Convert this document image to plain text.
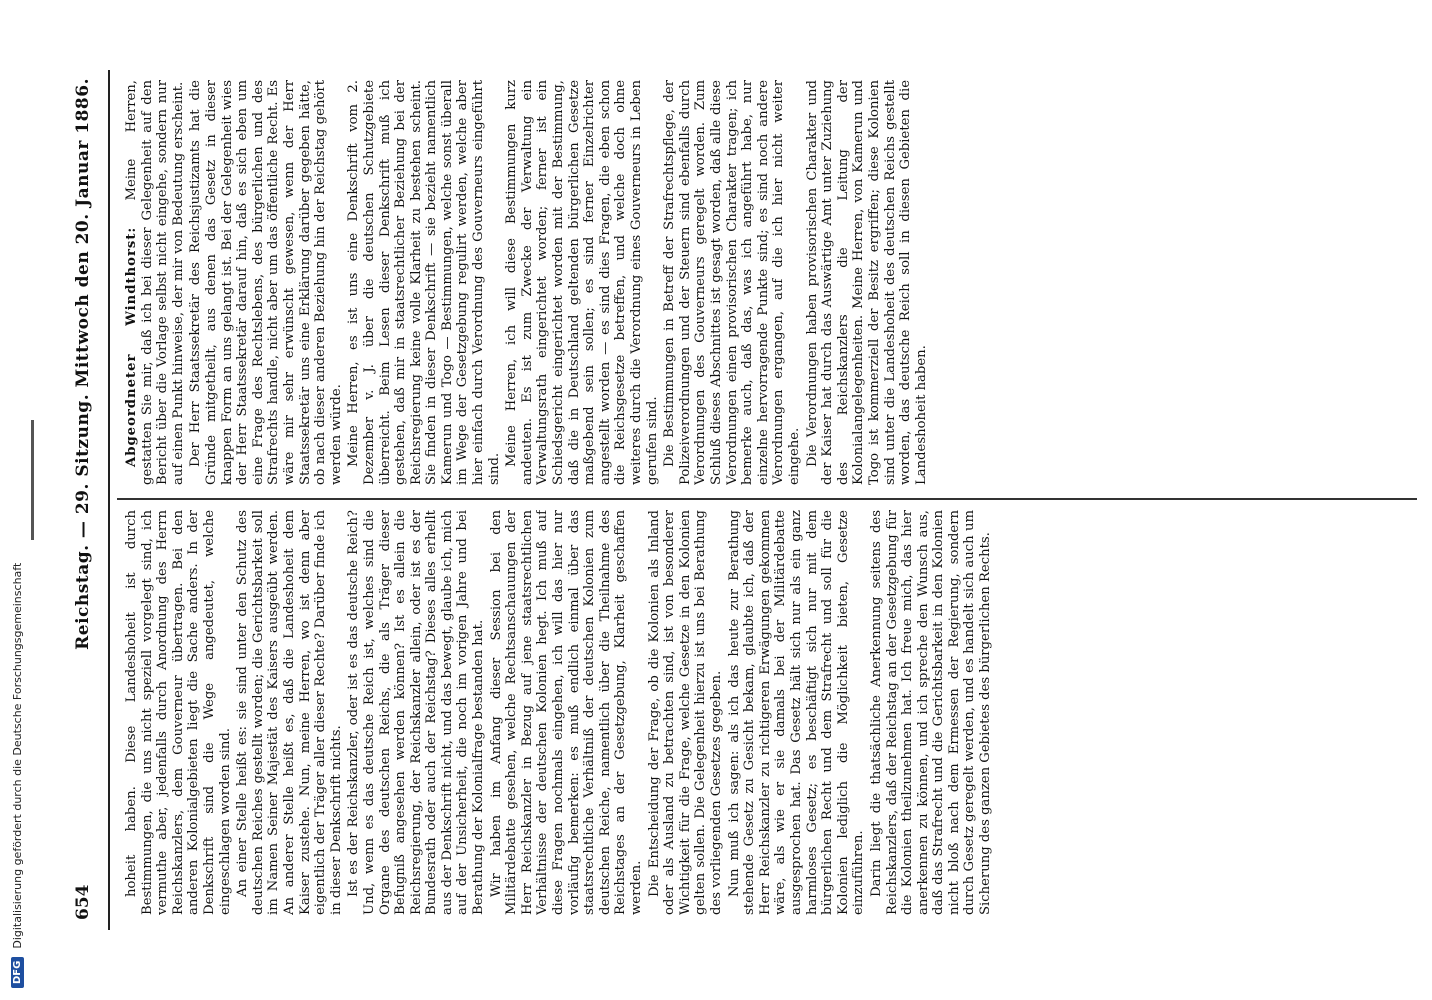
654
Reichstag. — 29. Sitzung. Mittwoch den 20. Januar 1886. Abgeordneter Windthorst: Meine Herren, gestatten Sie mir, daß ich bei dieser Gelegenheit auf den Bericht über die Vorlage selbst nicht eingehe, sondern nur auf einen Punkt hinweise, der mir von Bedeutung erscheint. Der Herr Staatssekretär des Reichsjustizamts hat die Gründe mitgetheilt, aus denen das Gesetz in dieser knappen Form an uns gelangt ist. Bei der Gelegenheit wies der Herr Staatssekretär darauf hin, daß es sich eben um eine Frage des Rechtslebens, des bürgerlichen und des Strafrechts handle, nicht aber um das öffentliche Recht. Es wäre mir sehr erwünscht gewesen, wenn der Herr Staatssekretär uns eine Erklärung darüber gegeben hätte, ob nach dieser anderen Beziehung hin der Reichstag gehört werden würde. Meine Herren, es ist uns eine Denkschrift vom 2. Dezember v. J. über die deutschen Schutzgebiete überreicht. Beim Lesen dieser Denkschrift muß ich gestehen, daß mir in staatsrechtlicher Beziehung bei der Reichsregierung keine volle Klarheit zu bestehen scheint. Sie finden in dieser Denkschrift — sie bezieht namentlich Kamerun und Togo — Bestimmungen, welche sonst überall im Wege der Gesetzgebung regulirt werden, welche aber hier einfach durch Verordnung des Gouverneurs eingeführt sind.

Meine Herren, ich will diese Bestimmungen kurz andeuten. Es ist zum Zwecke der Verwaltung ein Verwaltungsrath eingerichtet worden; ferner ist ein Schiedsgericht eingerichtet worden mit der Bestimmung, daß die in Deutschland geltenden bürgerlichen Gesetze maßgebend sein sollen; es sind ferner Einzelrichter angestellt worden — es sind dies Fragen, die eben schon die Reichsgesetze betreffen, und welche doch ohne weiteres durch die Verordnung eines Gouverneurs in Leben gerufen sind. Die Bestimmungen in Betreff der Strafrechtspflege, der Polizeiverordnungen und der Steuern sind ebenfalls durch Verordnungen des Gouverneurs geregelt worden. Zum Schluß dieses Abschnittes ist gesagt worden, daß alle diese Verordnungen einen provisorischen Charakter tragen; ich bemerke auch, daß das, was ich angeführt habe, nur einzelne hervorragende Punkte sind; es sind noch andere Verordnungen ergangen, auf die ich hier nicht weiter eingehe. Die Verordnungen haben provisorischen Charakter und der Kaiser hat durch das Auswärtige Amt unter Zuziehung des Reichskanzlers die Leitung der Kolonialangelegenheiten. Meine Herren, von Kamerun und Togo ist kommerziell der Besitz ergriffen; diese Kolonien sind unter die Landeshoheit des deutschen Reichs gestellt worden, das deutsche Reich soll in diesen Gebieten die Landeshoheit haben.

hoheit haben. Diese Landeshoheit ist durch Bestimmungen, die uns nicht speziell vorgelegt sind, ich vermuthe aber, jedenfalls durch Anordnung des Herrn Reichskanzlers, dem Gouverneur übertragen. Bei den anderen Kolonialgebieten liegt die Sache anders. In der Denkschrift sind die Wege angedeutet, welche eingeschlagen worden sind. An einer Stelle heißt es: sie sind unter den Schutz des deutschen Reiches gestellt worden; die Gerichtsbarkeit soll im Namen Seiner Majestät des Kaisers ausgeübt werden. An anderer Stelle heißt es, daß die Landeshoheit dem Kaiser zustehe. Nun, meine Herren, wo ist denn aber eigentlich der Träger aller dieser Rechte? Darüber finde ich in dieser Denkschrift nichts. Ist es der Reichskanzler, oder ist es das deutsche Reich? Und, wenn es das deutsche Reich ist, welches sind die Organe des deutschen Reichs, die als Träger dieser Befugniß angesehen werden können? Ist es allein die Reichsregierung, der Reichskanzler allein, oder ist es der Bundesrath oder auch der Reichstag? Dieses alles erhellt aus der Denkschrift nicht, und das bewegt, glaube ich, mich auf der Unsicherheit, die noch im vorigen Jahre und bei Berathung der Kolonialfrage bestanden hat. Wir haben im Anfang dieser Session bei den Militärdebatte gesehen, welche Rechtsanschauungen der Herr Reichskanzler in Bezug auf jene staatsrechtlichen Verhältnisse der deutschen Kolonien hegt. Ich muß auf diese Fragen nochmals eingehen, ich will das hier nur vorläufig bemerken: es muß endlich einmal über das staatsrechtliche Verhältniß der deutschen Kolonien zum deutschen Reiche, namentlich über die Theilnahme des Reichstages an der Gesetzgebung, Klarheit geschaffen werden. Die Entscheidung der Frage, ob die Kolonien als Inland oder als Ausland zu betrachten sind, ist von besonderer Wichtigkeit für die Frage, welche Gesetze in den Kolonien gelten sollen. Die Gelegenheit hierzu ist uns bei Berathung des vorliegenden Gesetzes gegeben. Nun muß ich sagen: als ich das heute zur Berathung stehende Gesetz zu Gesicht bekam, glaubte ich, daß der Herr Reichskanzler zu richtigeren Erwägungen gekommen wäre, als wie er sie damals bei der Militärdebatte ausgesprochen hat. Das Gesetz hält sich nur als ein ganz harmloses Gesetz; es beschäftigt sich nur mit dem bürgerlichen Recht und dem Strafrecht und soll für die Kolonien lediglich die Möglichkeit bieten, Gesetze einzuführen. Darin liegt die thatsächliche Anerkennung seitens des Reichskanzlers, daß der Reichstag an der Gesetzgebung für die Kolonien theilzunehmen hat. Ich freue mich, das hier anerkennen zu können, und ich spreche den Wunsch aus, daß das Strafrecht und die Gerichtsbarkeit in den Kolonien nicht bloß nach dem Ermessen der Regierung, sondern durch Gesetz geregelt werden, und es handelt sich auch um Sicherung des ganzen Gebietes des bürgerlichen Rechts.

DFG
Digitalisierung gefördert durch die Deutsche Forschungsgemeinschaft
